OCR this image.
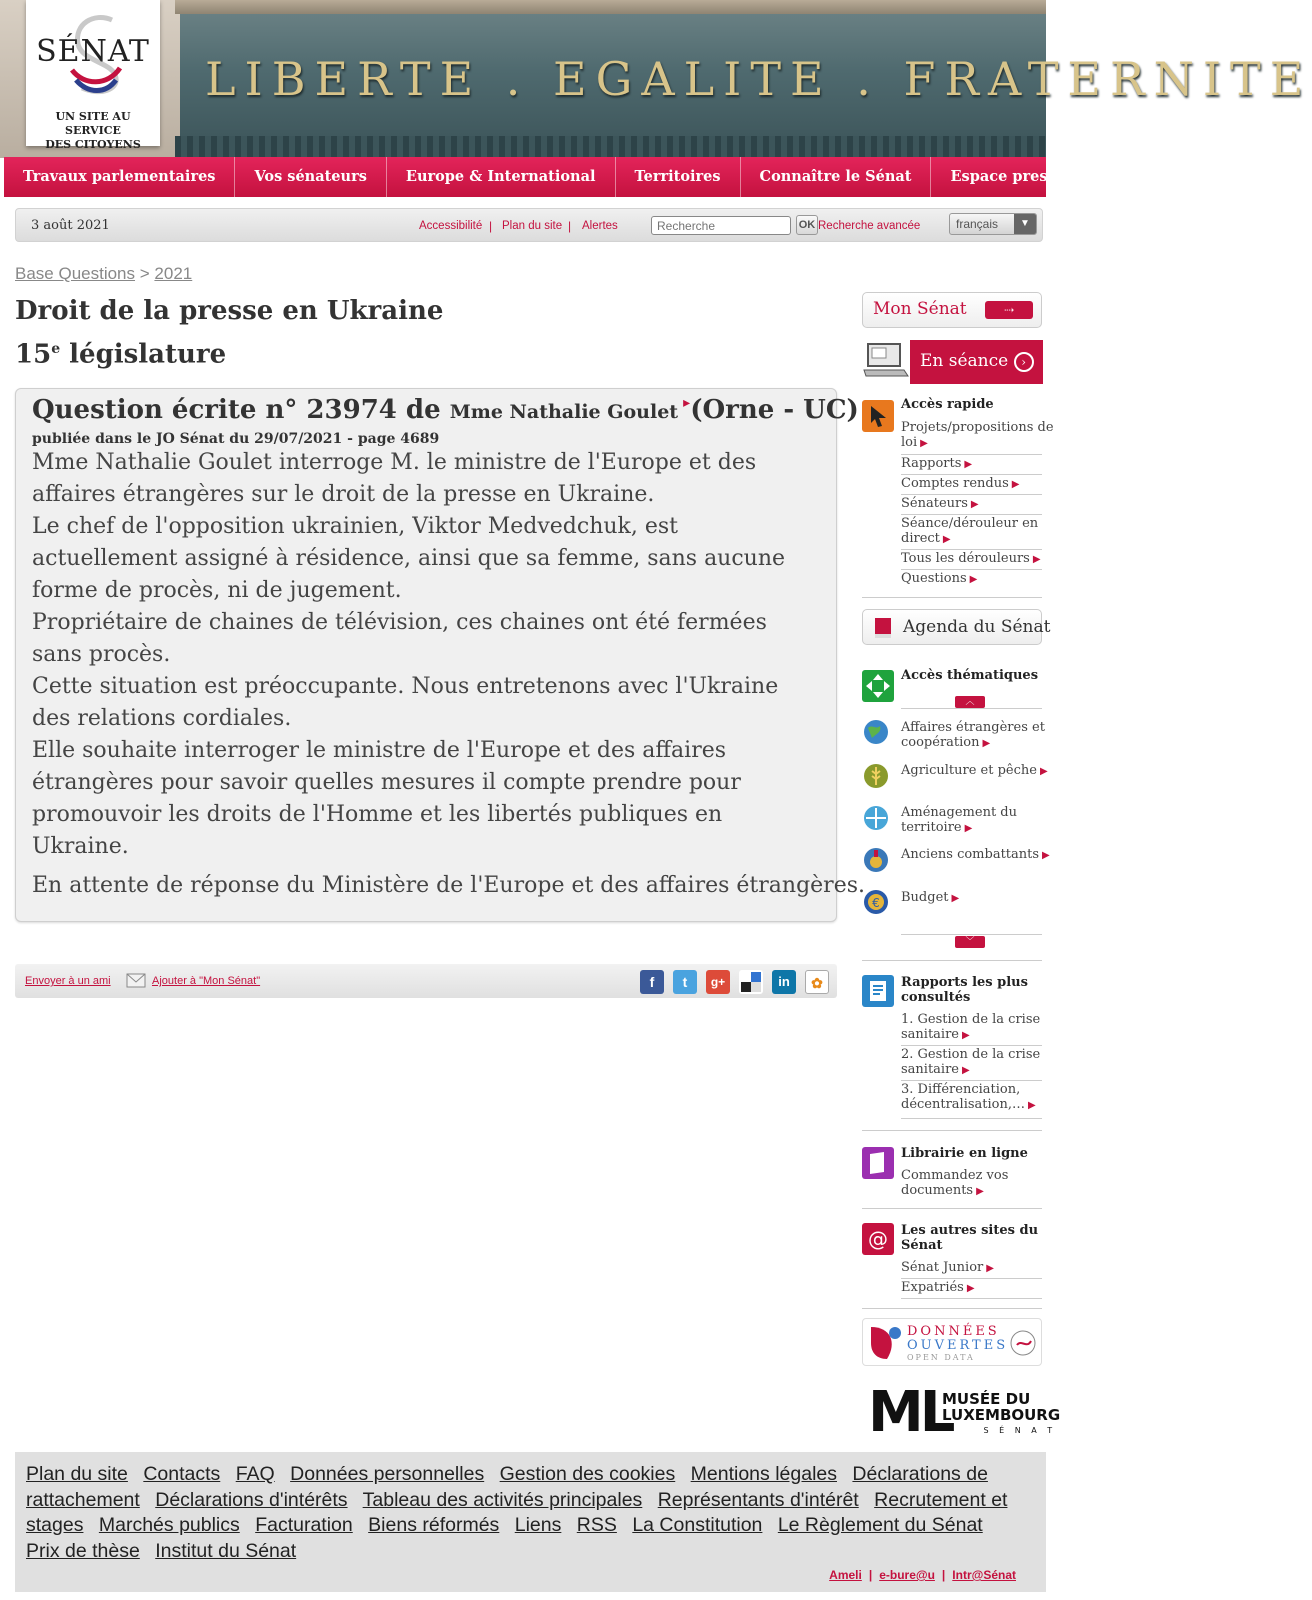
LIBERTE . EGALITE . FRATERNITE
SÉNAT
UN SITE AU SERVICE
DES CITOYENS
Travaux parlementaires	Vos sénateurs	Europe & International	Territoires	Connaître le Sénat	Espace presse
3 août 2021	Accessibilité | Plan du site | Alertes
Recherche	OK Recherche avancée	français	▼
Base Questions > 2021
Droit de la presse en Ukraine
15e législature
Question écrite n° 23974 de Mme Nathalie Goulet ▸(Orne - UC)
publiée dans le JO Sénat du 29/07/2021 - page 4689

Mme Nathalie Goulet interroge M. le ministre de l'Europe et des affaires étrangères sur le droit de la presse en Ukraine.

Le chef de l'opposition ukrainien, Viktor Medvedchuk, est actuellement assigné à résidence, ainsi que sa femme, sans aucune forme de procès, ni de jugement.

Propriétaire de chaines de télévision, ces chaines ont été fermées sans procès.

Cette situation est préoccupante. Nous entretenons avec l'Ukraine des relations cordiales.

Elle souhaite interroger le ministre de l'Europe et des affaires étrangères pour savoir quelles mesures il compte prendre pour promouvoir les droits de l'Homme et les libertés publiques en Ukraine.

En attente de réponse du Ministère de l'Europe et des affaires étrangères.
Envoyer à un ami	Ajouter à "Mon Sénat"	f	t	g+	in	✿
Mon Sénat	⇢
En séance ›
Accès rapide
Projets/propositions de
loi ▶
Rapports ▶
Comptes rendus ▶
Sénateurs ▶
Séance/dérouleur en
direct ▶
Tous les dérouleurs ▶
Questions ▶
Agenda du Sénat
Accès thématiques
︿
Affaires étrangères et
coopération ▶
Agriculture et pêche ▶
Aménagement du
territoire ▶
Anciens combattants ▶
€ Budget ▶
﹀
Rapports les plus
consultés
1. Gestion de la crise
sanitaire ▶
2. Gestion de la crise
sanitaire ▶
3. Différenciation,
décentralisation,… ▶
Librairie en ligne
Commandez vos
documents ▶
@ Les autres sites du
Sénat
Sénat Junior ▶
Expatriés ▶
DONNÉES
OUVERTES
OPEN DATA
ML
MUSÉE DU
LUXEMBOURG
S É N A T
Plan du site Contacts FAQ Données personnelles Gestion des cookies Mentions légales Déclarations de rattachement Déclarations d'intérêts Tableau des activités principales Représentants d'intérêt Recrutement et stages Marchés publics Facturation Biens réformés Liens RSS La Constitution Le Règlement du Sénat Prix de thèse Institut du Sénat
Ameli | e-bure@u | Intr@Sénat
